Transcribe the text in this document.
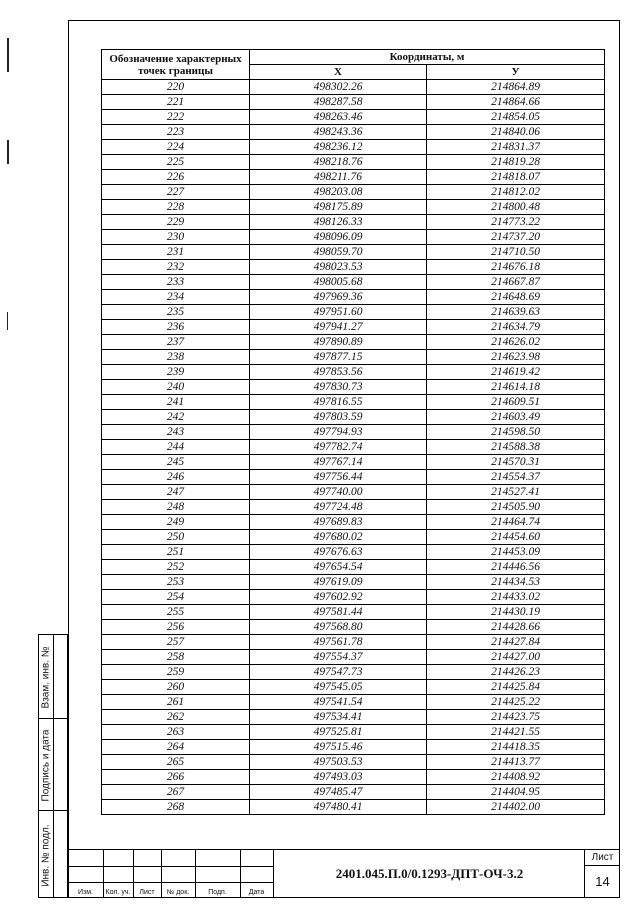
Обозначение характерных точек границы	Координаты, м	
	X	У
220	498302.26	214864.89
221	498287.58	214864.66
222	498263.46	214854.05
223	498243.36	214840.06
224	498236.12	214831.37
225	498218.76	214819.28
226	498211.76	214818.07
227	498203.08	214812.02
228	498175.89	214800.48
229	498126.33	214773.22
230	498096.09	214737.20
231	498059.70	214710.50
232	498023.53	214676.18
233	498005.68	214667.87
234	497969.36	214648.69
235	497951.60	214639.63
236	497941.27	214634.79
237	497890.89	214626.02
238	497877.15	214623.98
239	497853.56	214619.42
240	497830.73	214614.18
241	497816.55	214609.51
242	497803.59	214603.49
243	497794.93	214598.50
244	497782.74	214588.38
245	497767.14	214570.31
246	497756.44	214554.37
247	497740.00	214527.41
248	497724.48	214505.90
249	497689.83	214464.74
250	497680.02	214454.60
251	497676.63	214453.09
252	497654.54	214446.56
253	497619.09	214434.53
254	497602.92	214433.02
255	497581.44	214430.19
256	497568.80	214428.66
257	497561.78	214427.84
258	497554.37	214427.00
259	497547.73	214426.23
260	497545.05	214425.84
261	497541.54	214425.22
262	497534.41	214423.75
263	497525.81	214421.55
264	497515.46	214418.35
265	497503.53	214413.77
266	497493.03	214408.92
267	497485.47	214404.95
268	497480.41	214402.00
Взам. инв. №
Подпись и дата
Инв. № подл.
Изм.	Кол. уч.	Лист	№ док.	Подп.	Дата
2401.045.П.0/0.1293-ДПТ-ОЧ-3.2
Лист
14
